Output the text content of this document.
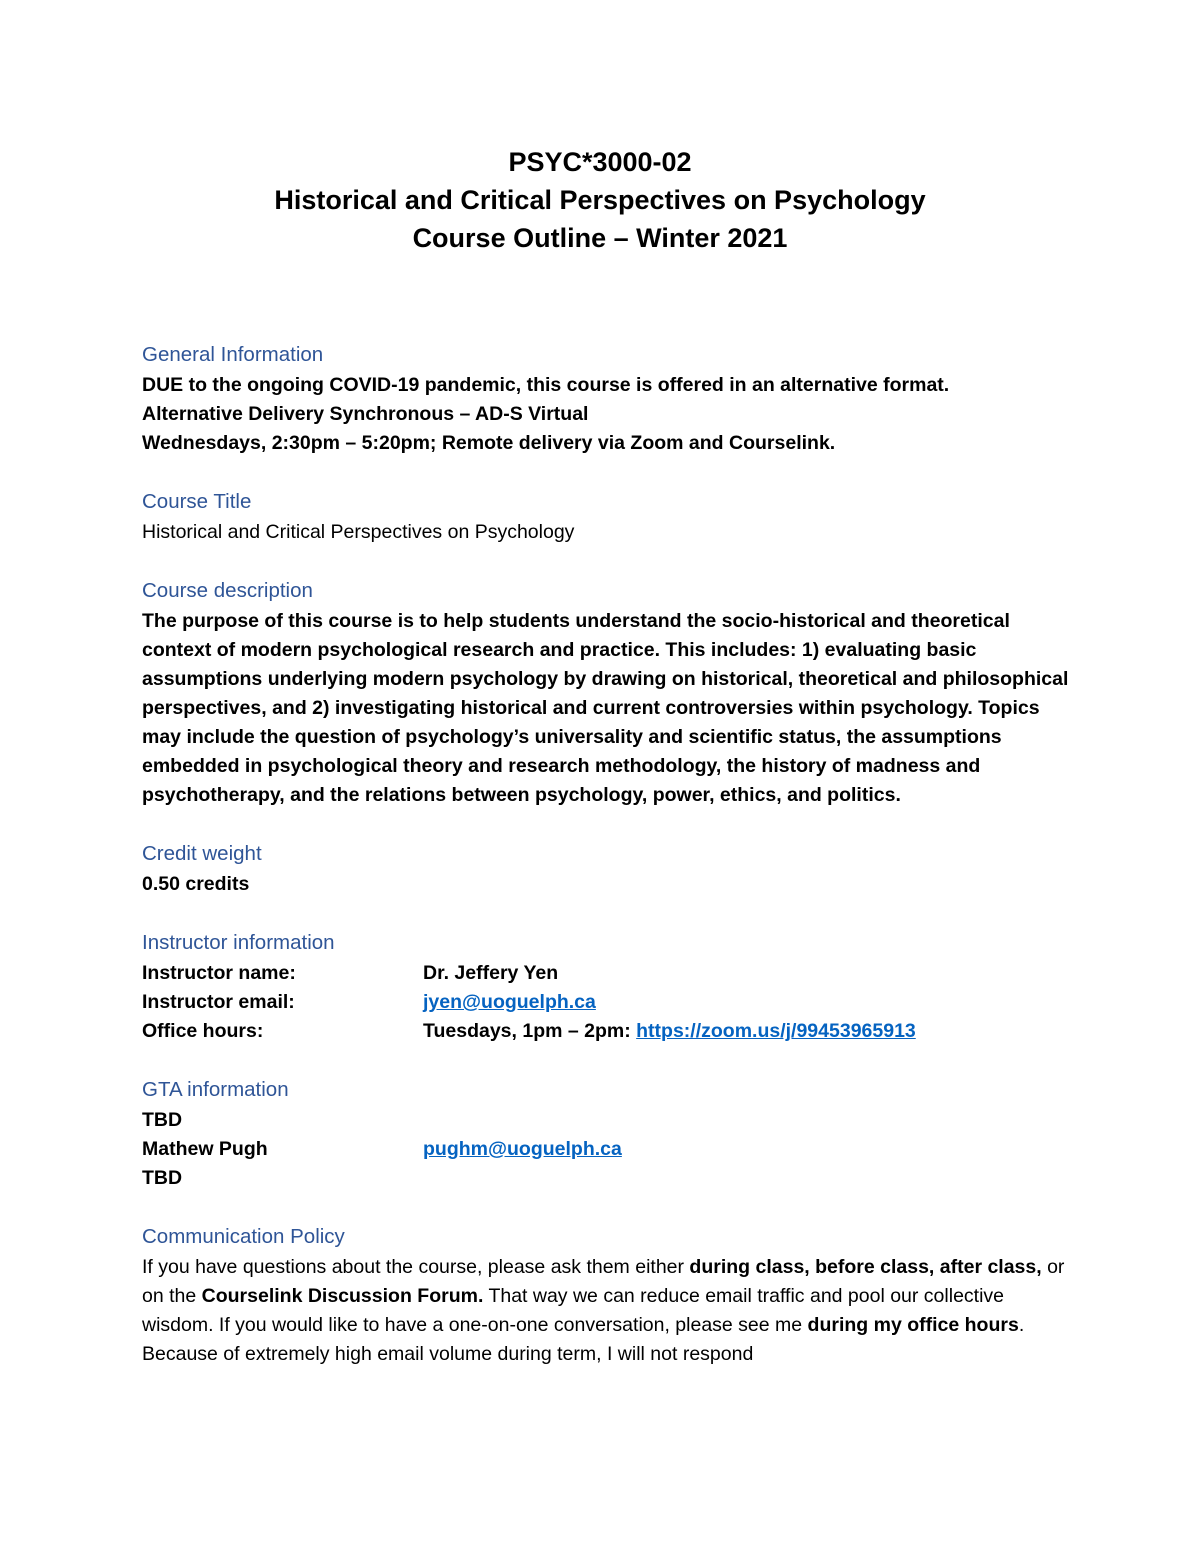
PSYC*3000-02
Historical and Critical Perspectives on Psychology
Course Outline – Winter 2021
General Information
DUE to the ongoing COVID-19 pandemic, this course is offered in an alternative format.
Alternative Delivery Synchronous – AD-S Virtual
Wednesdays, 2:30pm – 5:20pm; Remote delivery via Zoom and Courselink.
Course Title
Historical and Critical Perspectives on Psychology
Course description

The purpose of this course is to help students understand the socio-historical and theoretical context of modern psychological research and practice. This includes: 1) evaluating basic assumptions underlying modern psychology by drawing on historical, theoretical and philosophical perspectives, and 2) investigating historical and current controversies within psychology. Topics may include the question of psychology’s universality and scientific status, the assumptions embedded in psychological theory and research methodology, the history of madness and psychotherapy, and the relations between psychology, power, ethics, and politics.

Credit weight
0.50 credits
Instructor information
Instructor name:	Dr. Jeffery Yen
Instructor email:	jyen@uoguelph.ca
Office hours:	Tuesdays, 1pm – 2pm: https://zoom.us/j/99453965913
GTA information
TBD
Mathew Pugh	pughm@uoguelph.ca
TBD
Communication Policy

If you have questions about the course, please ask them either during class, before class, after class, or on the Courselink Discussion Forum. That way we can reduce email traffic and pool our collective wisdom. If you would like to have a one-on-one conversation, please see me during my office hours. Because of extremely high email volume during term, I will not respond
